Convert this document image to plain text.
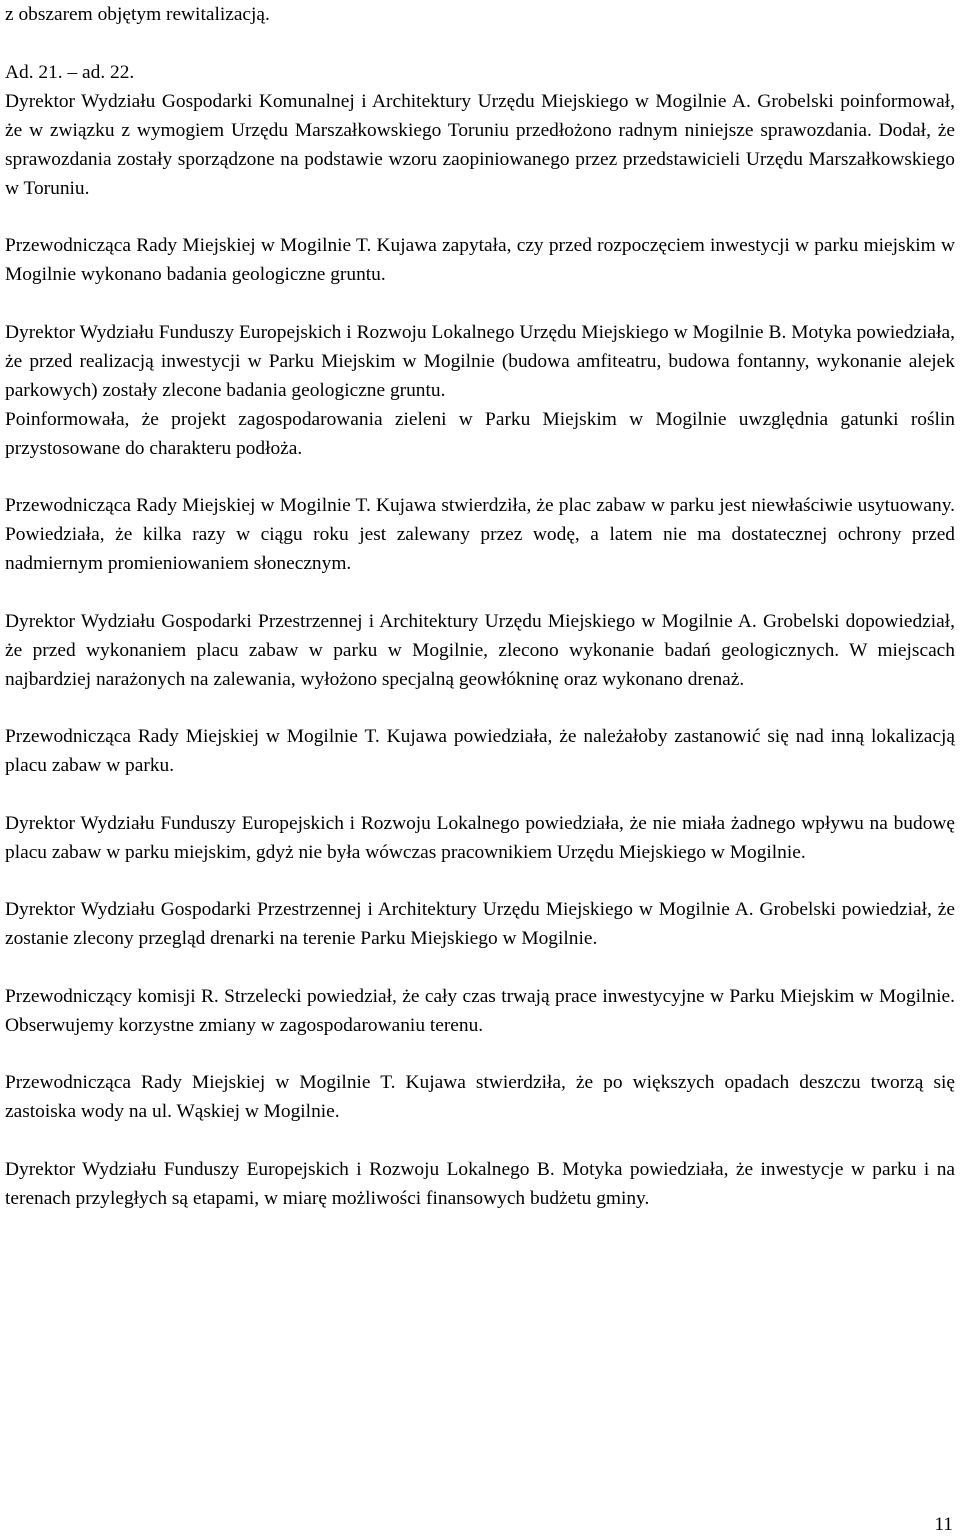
z obszarem objętym rewitalizacją.

Ad. 21. – ad. 22.

Dyrektor Wydziału Gospodarki Komunalnej i Architektury Urzędu Miejskiego w Mogilnie A. Grobelski poinformował, że w związku z wymogiem Urzędu Marszałkowskiego Toruniu przedłożono radnym niniejsze sprawozdania. Dodał, że sprawozdania zostały sporządzone na podstawie wzoru zaopiniowanego przez przedstawicieli Urzędu Marszałkowskiego w Toruniu.

Przewodnicząca Rady Miejskiej w Mogilnie T. Kujawa zapytała, czy przed rozpoczęciem inwestycji w parku miejskim w Mogilnie wykonano badania geologiczne gruntu.

Dyrektor Wydziału Funduszy Europejskich i Rozwoju Lokalnego Urzędu Miejskiego w Mogilnie B. Motyka powiedziała, że przed realizacją inwestycji w Parku Miejskim w Mogilnie (budowa amfiteatru, budowa fontanny, wykonanie alejek parkowych) zostały zlecone badania geologiczne gruntu.

Poinformowała, że projekt zagospodarowania zieleni w Parku Miejskim w Mogilnie uwzględnia gatunki roślin przystosowane do charakteru podłoża.

Przewodnicząca Rady Miejskiej w Mogilnie T. Kujawa stwierdziła, że plac zabaw w parku jest niewłaściwie usytuowany. Powiedziała, że kilka razy w ciągu roku jest zalewany przez wodę, a latem nie ma dostatecznej ochrony przed nadmiernym promieniowaniem słonecznym.

Dyrektor Wydziału Gospodarki Przestrzennej i Architektury Urzędu Miejskiego w Mogilnie A. Grobelski dopowiedział, że przed wykonaniem placu zabaw w parku w Mogilnie, zlecono wykonanie badań geologicznych. W miejscach najbardziej narażonych na zalewania, wyłożono specjalną geowłókninę oraz wykonano drenaż.

Przewodnicząca Rady Miejskiej w Mogilnie T. Kujawa powiedziała, że należałoby zastanowić się nad inną lokalizacją placu zabaw w parku.

Dyrektor Wydziału Funduszy Europejskich i Rozwoju Lokalnego powiedziała, że nie miała żadnego wpływu na budowę placu zabaw w parku miejskim, gdyż nie była wówczas pracownikiem Urzędu Miejskiego w Mogilnie.

Dyrektor Wydziału Gospodarki Przestrzennej i Architektury Urzędu Miejskiego w Mogilnie A. Grobelski powiedział, że zostanie zlecony przegląd drenarki na terenie Parku Miejskiego w Mogilnie.

Przewodniczący komisji R. Strzelecki powiedział, że cały czas trwają prace inwestycyjne w Parku Miejskim w Mogilnie. Obserwujemy korzystne zmiany w zagospodarowaniu terenu.

Przewodnicząca Rady Miejskiej w Mogilnie T. Kujawa stwierdziła, że po większych opadach deszczu tworzą się zastoiska wody na ul. Wąskiej w Mogilnie.

Dyrektor Wydziału Funduszy Europejskich i Rozwoju Lokalnego B. Motyka powiedziała, że inwestycje w parku i na terenach przyległych są etapami, w miarę możliwości finansowych budżetu gminy.

11
